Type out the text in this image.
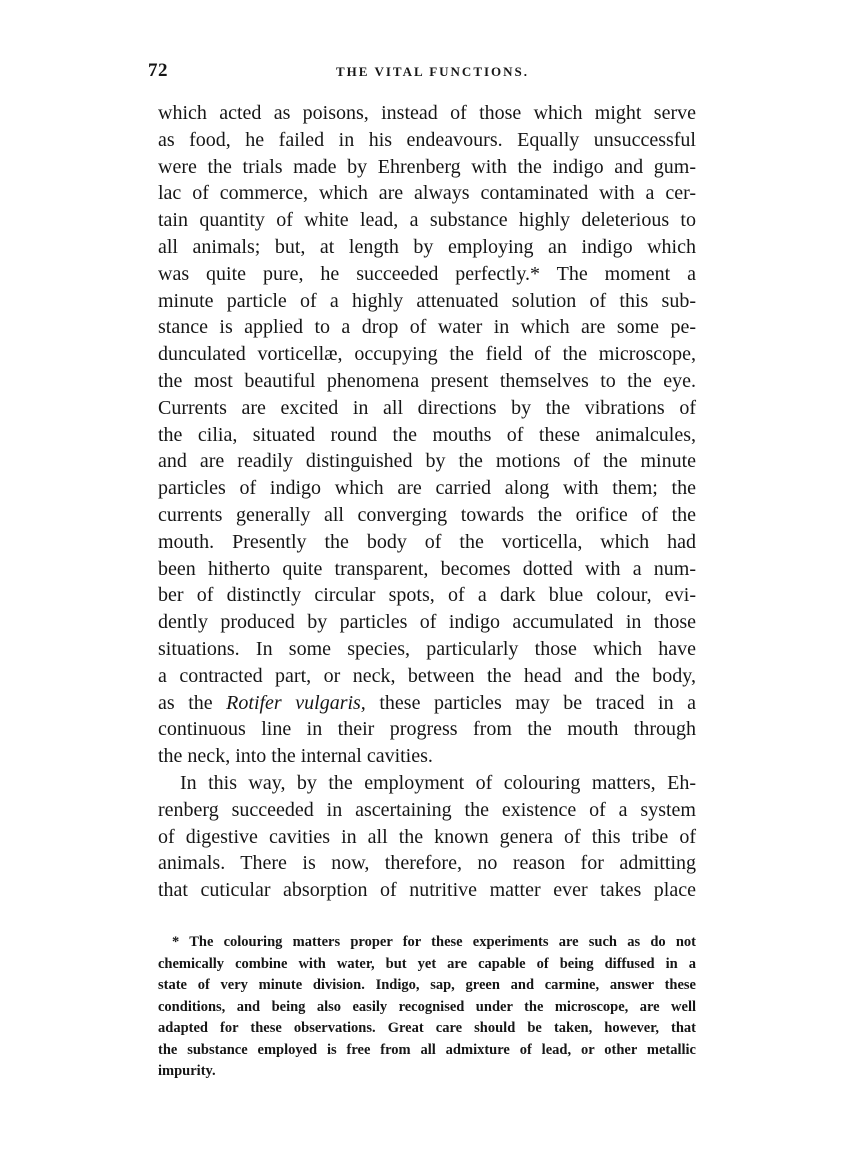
72	THE VITAL FUNCTIONS.

which acted as poisons, instead of those which might serve
as food, he failed in his endeavours. Equally unsuccessful
were the trials made by Ehrenberg with the indigo and gum-
lac of commerce, which are always contaminated with a cer-
tain quantity of white lead, a substance highly deleterious to
all animals; but, at length by employing an indigo which
was quite pure, he succeeded perfectly.* The moment a
minute particle of a highly attenuated solution of this sub-
stance is applied to a drop of water in which are some pe-
dunculated vorticellæ, occupying the field of the microscope,
the most beautiful phenomena present themselves to the eye.
Currents are excited in all directions by the vibrations of
the cilia, situated round the mouths of these animalcules,
and are readily distinguished by the motions of the minute
particles of indigo which are carried along with them; the
currents generally all converging towards the orifice of the
mouth. Presently the body of the vorticella, which had
been hitherto quite transparent, becomes dotted with a num-
ber of distinctly circular spots, of a dark blue colour, evi-
dently produced by particles of indigo accumulated in those
situations. In some species, particularly those which have
a contracted part, or neck, between the head and the body,
as the Rotifer vulgaris, these particles may be traced in a
continuous line in their progress from the mouth through
the neck, into the internal cavities.

In this way, by the employment of colouring matters, Eh-
renberg succeeded in ascertaining the existence of a system
of digestive cavities in all the known genera of this tribe of
animals. There is now, therefore, no reason for admitting
that cuticular absorption of nutritive matter ever takes place

* The colouring matters proper for these experiments are such as do not
chemically combine with water, but yet are capable of being diffused in a
state of very minute division. Indigo, sap, green and carmine, answer these
conditions, and being also easily recognised under the microscope, are well
adapted for these observations. Great care should be taken, however, that
the substance employed is free from all admixture of lead, or other metallic
impurity.
